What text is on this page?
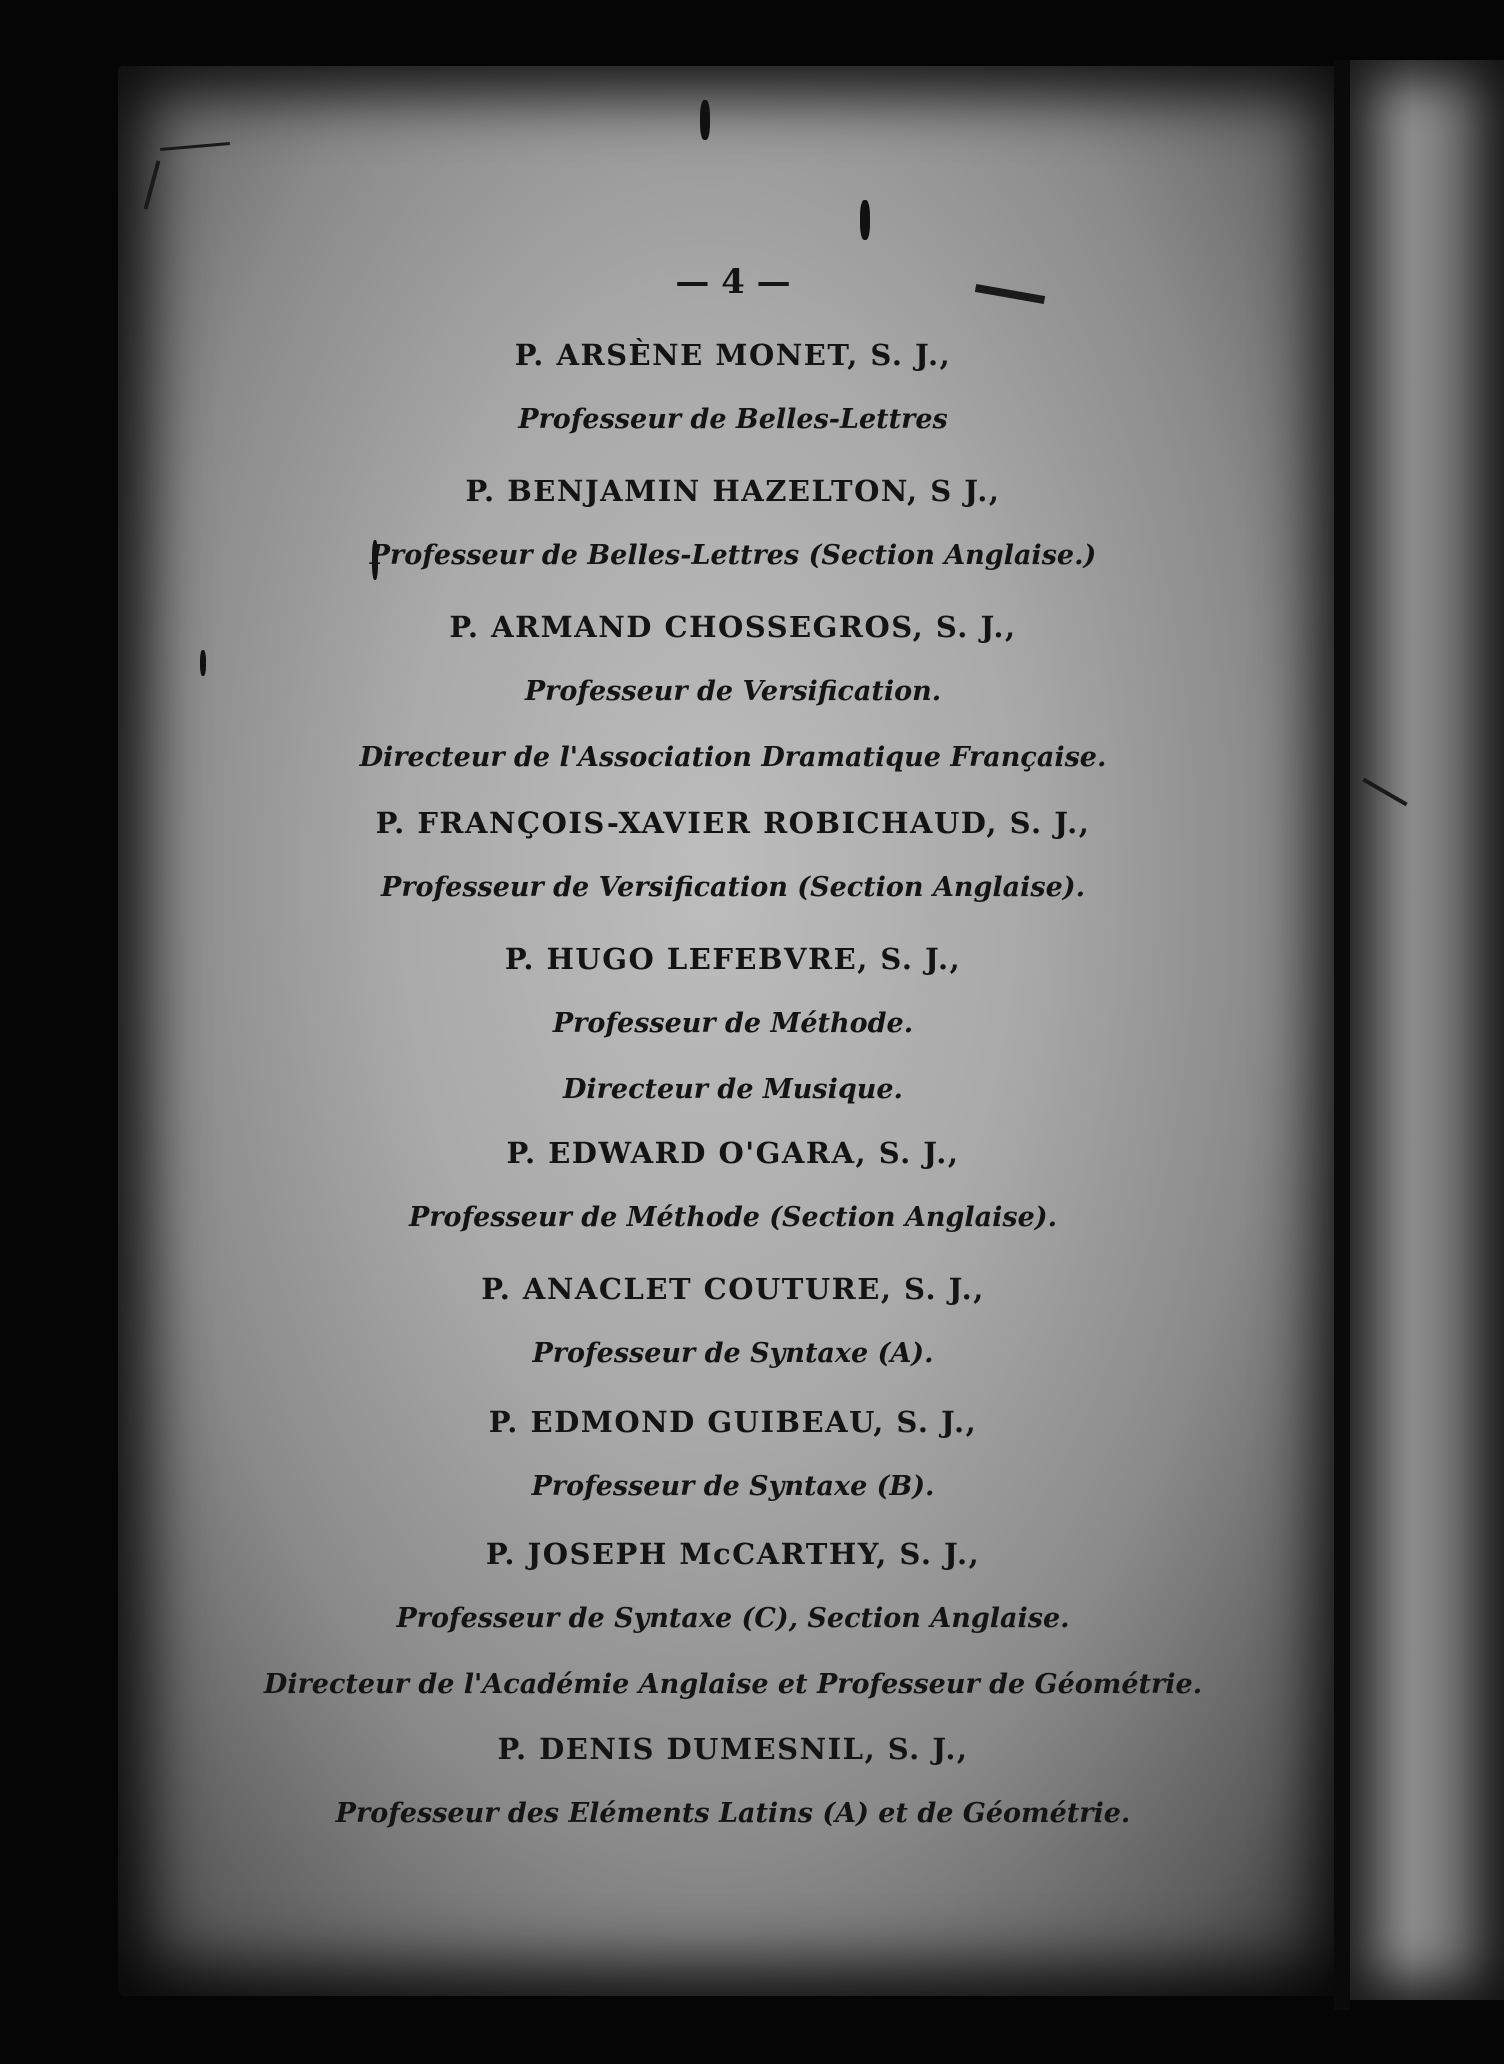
— 4 —
P. ARSÈNE MONET, S. J.,
Professeur de Belles-Lettres
P. BENJAMIN HAZELTON, S J.,
Professeur de Belles-Lettres (Section Anglaise.)
P. ARMAND CHOSSEGROS, S. J.,
Professeur de Versification.
Directeur de l'Association Dramatique Française.
P. FRANÇOIS-XAVIER ROBICHAUD, S. J.,
Professeur de Versification (Section Anglaise).
P. HUGO LEFEBVRE, S. J.,
Professeur de Méthode.
Directeur de Musique.
P. EDWARD O'GARA, S. J.,
Professeur de Méthode (Section Anglaise).
P. ANACLET COUTURE, S. J.,
Professeur de Syntaxe (A).
P. EDMOND GUIBEAU, S. J.,
Professeur de Syntaxe (B).
P. JOSEPH McCARTHY, S. J.,
Professeur de Syntaxe (C), Section Anglaise.
Directeur de l'Académie Anglaise et Professeur de Géométrie.
P. DENIS DUMESNIL, S. J.,
Professeur des Eléments Latins (A) et de Géométrie.
